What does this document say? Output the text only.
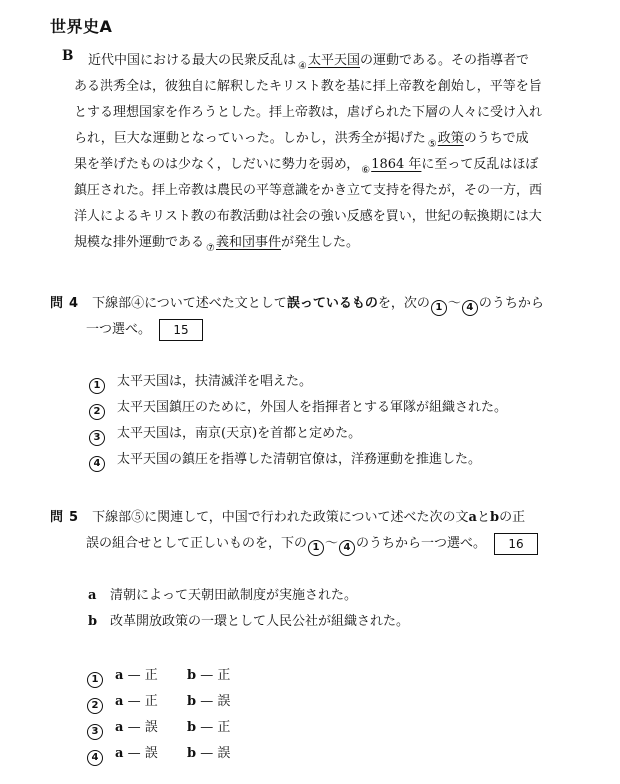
世界史A
B 近代中国における最大の民衆反乱は ④太平天国の運動である。その指導者で
ある洪秀全は，彼独自に解釈したキリスト教を基に拝上帝教を創始し，平等を旨
とする理想国家を作ろうとした。拝上帝教は，虐げられた下層の人々に受け入れ
られ，巨大な運動となっていった。しかし，洪秀全が掲げた ⑤政策のうちで成
果を挙げたものは少なく，しだいに勢力を弱め， ⑥1864 年に至って反乱はほぼ
鎮圧された。拝上帝教は農民の平等意識をかき立て支持を得たが，その一方，西
洋人によるキリスト教の布教活動は社会の強い反感を買い，世紀の転換期には大
規模な排外運動である ⑦義和団事件が発生した。
問 4 下線部④について述べた文として誤っているものを，次の 1 〜 4 のうちから
一つ選べ。 15
1 太平天国は，扶清滅洋を唱えた。
2 太平天国鎮圧のために，外国人を指揮者とする軍隊が組織された。
3 太平天国は，南京(天京)を首都と定めた。
4 太平天国の鎮圧を指導した清朝官僚は，洋務運動を推進した。
問 5 下線部⑤に関連して，中国で行われた政策について述べた次の文aとbの正
誤の組合せとして正しいものを，下の 1 〜 4 のうちから一つ選べ。 16
a 清朝によって天朝田畝制度が実施された。
b 改革開放政策の一環として人民公社が組織された。
1 a — 正 b — 正
2 a — 正 b — 誤
3 a — 誤 b — 正
4 a — 誤 b — 誤
